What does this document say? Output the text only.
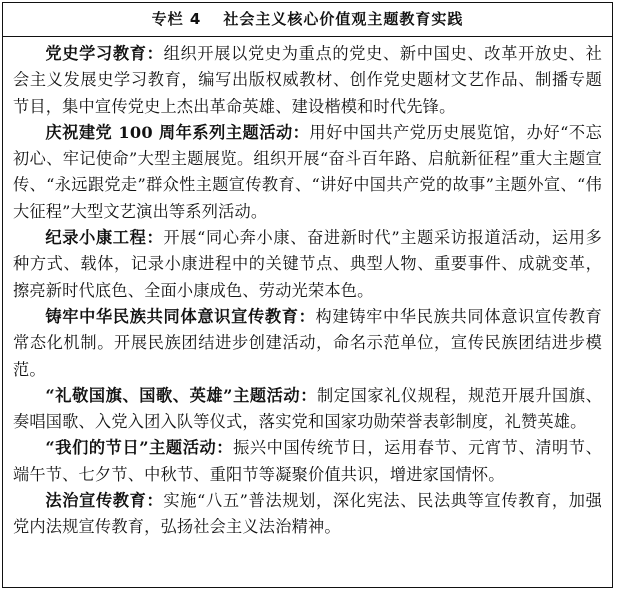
专栏 4 社会主义核心价值观主题教育实践

党史学习教育：组织开展以党史为重点的党史、新中国史、改革开放史、社会主义发展史学习教育，编写出版权威教材、创作党史题材文艺作品、制播专题节目，集中宣传党史上杰出革命英雄、建设楷模和时代先锋。

庆祝建党 100 周年系列主题活动：用好中国共产党历史展览馆，办好“不忘初心、牢记使命”大型主题展览。组织开展“奋斗百年路、启航新征程”重大主题宣传、“永远跟党走”群众性主题宣传教育、“讲好中国共产党的故事”主题外宣、“伟大征程”大型文艺演出等系列活动。

纪录小康工程：开展“同心奔小康、奋进新时代”主题采访报道活动，运用多种方式、载体，记录小康进程中的关键节点、典型人物、重要事件、成就变革，擦亮新时代底色、全面小康成色、劳动光荣本色。

铸牢中华民族共同体意识宣传教育：构建铸牢中华民族共同体意识宣传教育常态化机制。开展民族团结进步创建活动，命名示范单位，宣传民族团结进步模范。

“礼敬国旗、国歌、英雄”主题活动：制定国家礼仪规程，规范开展升国旗、奏唱国歌、入党入团入队等仪式，落实党和国家功勋荣誉表彰制度，礼赞英雄。

“我们的节日”主题活动：振兴中国传统节日，运用春节、元宵节、清明节、端午节、七夕节、中秋节、重阳节等凝聚价值共识，增进家国情怀。

法治宣传教育：实施“八五”普法规划，深化宪法、民法典等宣传教育，加强党内法规宣传教育，弘扬社会主义法治精神。
